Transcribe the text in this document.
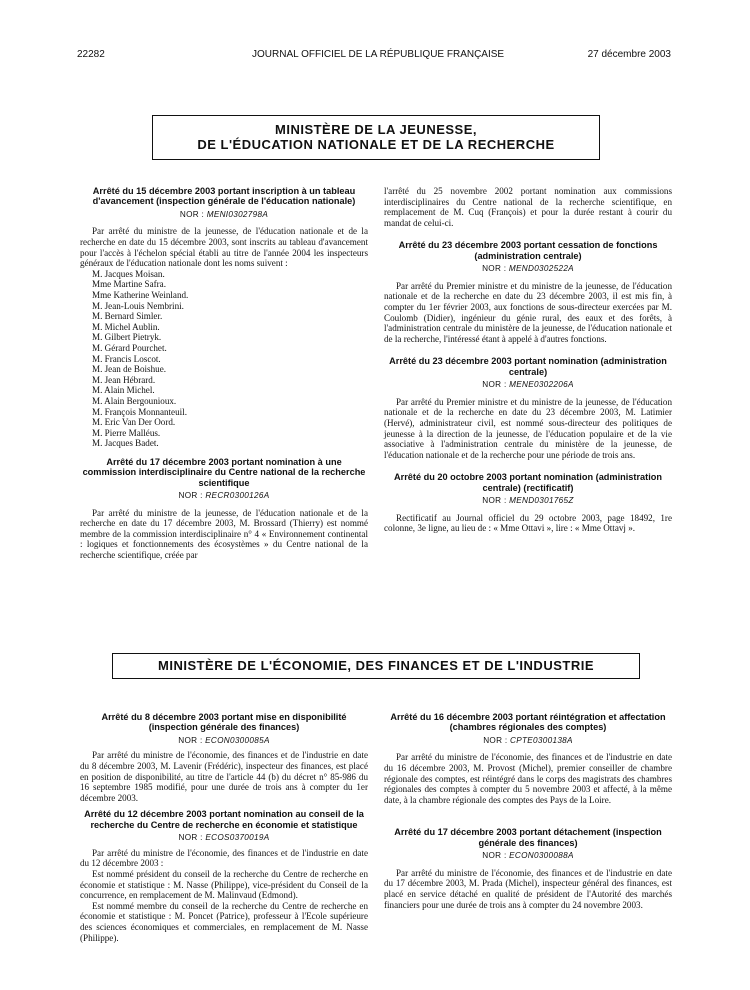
22282	JOURNAL OFFICIEL DE LA RÉPUBLIQUE FRANÇAISE	27 décembre 2003
MINISTÈRE DE LA JEUNESSE,
DE L'ÉDUCATION NATIONALE ET DE LA RECHERCHE
Arrêté du 15 décembre 2003 portant inscription à un tableau d'avancement (inspection générale de l'éducation nationale)
NOR : MENI0302798A

Par arrêté du ministre de la jeunesse, de l'éducation nationale et de la recherche en date du 15 décembre 2003, sont inscrits au tableau d'avancement pour l'accès à l'échelon spécial établi au titre de l'année 2004 les inspecteurs généraux de l'éducation nationale dont les noms suivent :

M. Jacques Moisan.
Mme Martine Safra.
Mme Katherine Weinland.
M. Jean-Louis Nembrini.
M. Bernard Simler.
M. Michel Aublin.
M. Gilbert Pietryk.
M. Gérard Pourchet.
M. Francis Loscot.
M. Jean de Boishue.
M. Jean Hébrard.
M. Alain Michel.
M. Alain Bergounioux.
M. François Monnanteuil.
M. Eric Van Der Oord.
M. Pierre Malléus.
M. Jacques Badet.
Arrêté du 17 décembre 2003 portant nomination à une commission interdisciplinaire du Centre national de la recherche scientifique
NOR : RECR0300126A

Par arrêté du ministre de la jeunesse, de l'éducation nationale et de la recherche en date du 17 décembre 2003, M. Brossard (Thierry) est nommé membre de la commission interdisciplinaire n° 4 « Environnement continental : logiques et fonctionnements des écosystèmes » du Centre national de la recherche scientifique, créée par

l'arrêté du 25 novembre 2002 portant nomination aux commissions interdisciplinaires du Centre national de la recherche scientifique, en remplacement de M. Cuq (François) et pour la durée restant à courir du mandat de celui-ci.

Arrêté du 23 décembre 2003 portant cessation de fonctions (administration centrale)
NOR : MEND0302522A

Par arrêté du Premier ministre et du ministre de la jeunesse, de l'éducation nationale et de la recherche en date du 23 décembre 2003, il est mis fin, à compter du 1er février 2003, aux fonctions de sous-directeur exercées par M. Coulomb (Didier), ingénieur du génie rural, des eaux et des forêts, à l'administration centrale du ministère de la jeunesse, de l'éducation nationale et de la recherche, l'intéressé étant à appelé à d'autres fonctions.

Arrêté du 23 décembre 2003 portant nomination (administration centrale)
NOR : MENE0302206A

Par arrêté du Premier ministre et du ministre de la jeunesse, de l'éducation nationale et de la recherche en date du 23 décembre 2003, M. Latimier (Hervé), administrateur civil, est nommé sous-directeur des politiques de jeunesse à la direction de la jeunesse, de l'éducation populaire et de la vie associative à l'administration centrale du ministère de la jeunesse, de l'éducation nationale et de la recherche pour une période de trois ans.

Arrêté du 20 octobre 2003 portant nomination (administration centrale) (rectificatif)
NOR : MEND0301765Z

Rectificatif au Journal officiel du 29 octobre 2003, page 18492, 1re colonne, 3e ligne, au lieu de : « Mme Ottavi », lire : « Mme Ottavj ».

MINISTÈRE DE L'ÉCONOMIE, DES FINANCES ET DE L'INDUSTRIE
Arrêté du 8 décembre 2003 portant mise en disponibilité (inspection générale des finances)
NOR : ECON0300085A

Par arrêté du ministre de l'économie, des finances et de l'industrie en date du 8 décembre 2003, M. Lavenir (Frédéric), inspecteur des finances, est placé en position de disponibilité, au titre de l'article 44 (b) du décret n° 85-986 du 16 septembre 1985 modifié, pour une durée de trois ans à compter du 1er décembre 2003.

Arrêté du 12 décembre 2003 portant nomination au conseil de la recherche du Centre de recherche en économie et statistique
NOR : ECOS0370019A

Par arrêté du ministre de l'économie, des finances et de l'industrie en date du 12 décembre 2003 :

Est nommé président du conseil de la recherche du Centre de recherche en économie et statistique : M. Nasse (Philippe), vice-président du Conseil de la concurrence, en remplacement de M. Malinvaud (Edmond).

Est nommé membre du conseil de la recherche du Centre de recherche en économie et statistique : M. Poncet (Patrice), professeur à l'Ecole supérieure des sciences économiques et commerciales, en remplacement de M. Nasse (Philippe).

Arrêté du 16 décembre 2003 portant réintégration et affectation (chambres régionales des comptes)
NOR : CPTE0300138A

Par arrêté du ministre de l'économie, des finances et de l'industrie en date du 16 décembre 2003, M. Provost (Michel), premier conseiller de chambre régionale des comptes, est réintégré dans le corps des magistrats des chambres régionales des comptes à compter du 5 novembre 2003 et affecté, à la même date, à la chambre régionale des comptes des Pays de la Loire.

Arrêté du 17 décembre 2003 portant détachement (inspection générale des finances)
NOR : ECON0300088A

Par arrêté du ministre de l'économie, des finances et de l'industrie en date du 17 décembre 2003, M. Prada (Michel), inspecteur général des finances, est placé en service détaché en qualité de président de l'Autorité des marchés financiers pour une durée de trois ans à compter du 24 novembre 2003.
